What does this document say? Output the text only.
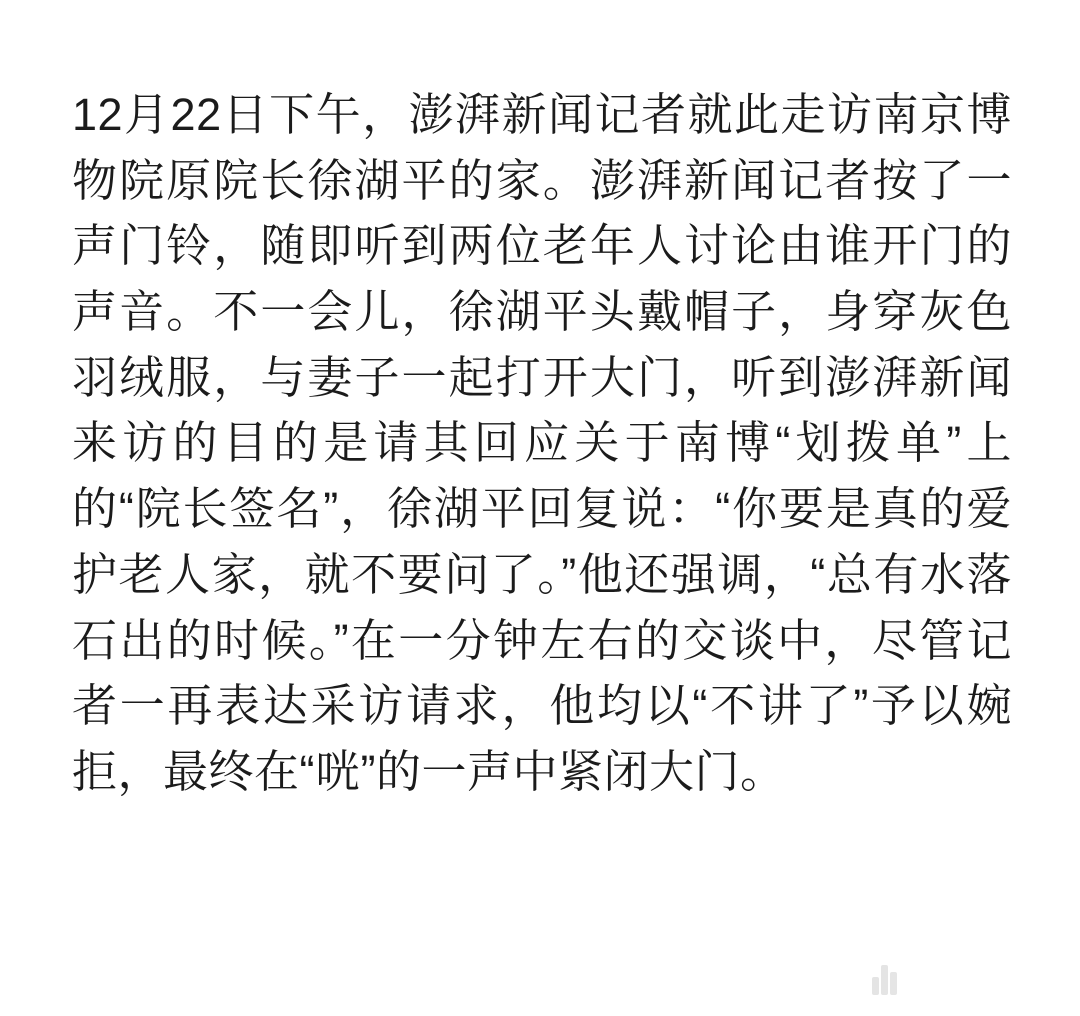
12月22日下午，澎湃新闻记者就此走访南京博物院原院长徐湖平的家。澎湃新闻记者按了一声门铃，随即听到两位老年人讨论由谁开门的声音。不一会儿，徐湖平头戴帽子，身穿灰色羽绒服，与妻子一起打开大门，听到澎湃新闻来访的目的是请其回应关于南博“划拨单”上的“院长签名”，徐湖平回复说：“你要是真的爱护老人家，就不要问了。”他还强调，“总有水落石出的时候。”在一分钟左右的交谈中，尽管记者一再表达采访请求，他均以“不讲了”予以婉拒，最终在“咣”的一声中紧闭大门。
